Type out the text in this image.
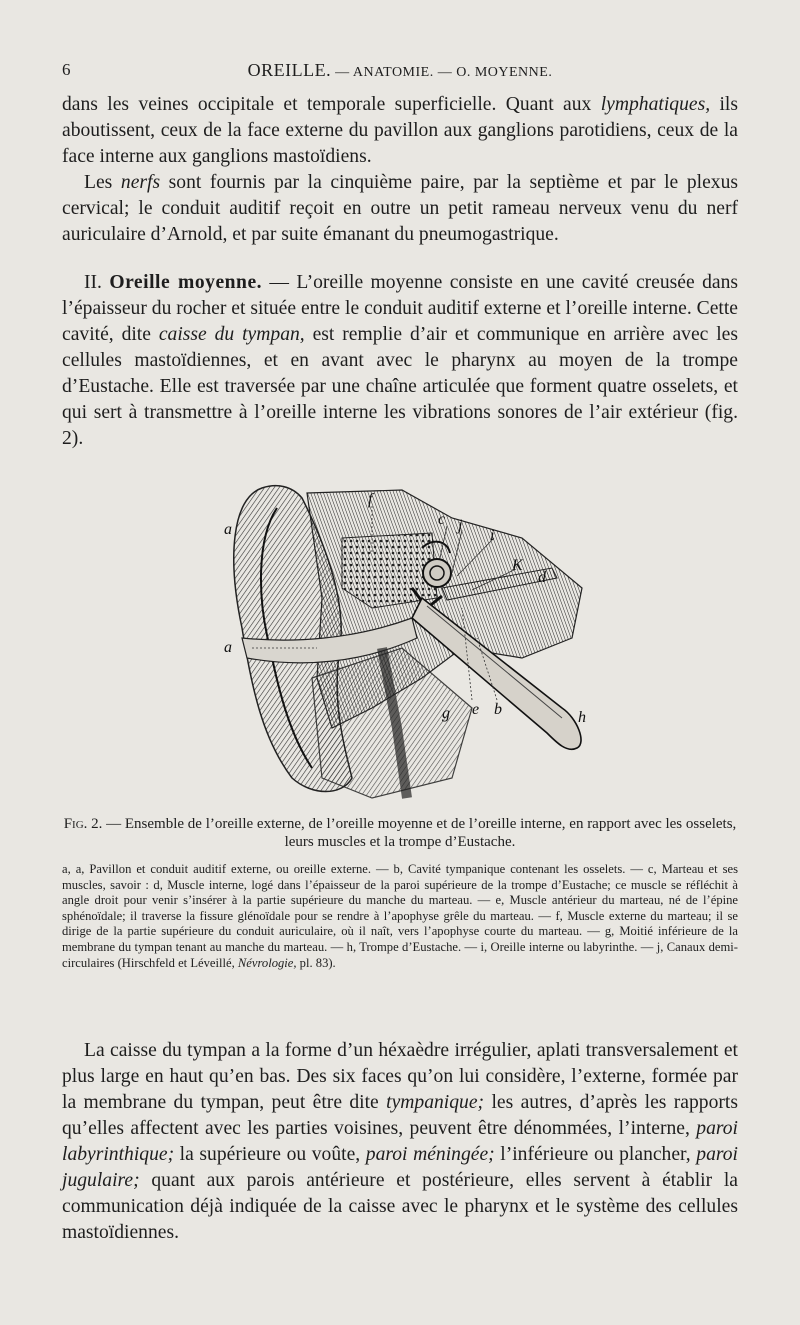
6	OREILLE. — ANATOMIE. — O. MOYENNE.

dans les veines occipitale et temporale superficielle. Quant aux lymphatiques, ils aboutissent, ceux de la face externe du pavillon aux ganglions parotidiens, ceux de la face interne aux ganglions mastoïdiens.

Les nerfs sont fournis par la cinquième paire, par la septième et par le plexus cervical; le conduit auditif reçoit en outre un petit rameau nerveux venu du nerf auriculaire d’Arnold, et par suite émanant du pneumogastrique.

II. Oreille moyenne. — L’oreille moyenne consiste en une cavité creusée dans l’épaisseur du rocher et située entre le conduit auditif externe et l’oreille interne. Cette cavité, dite caisse du tympan, est remplie d’air et communique en arrière avec les cellules mastoïdiennes, et en avant avec le pharynx au moyen de la trompe d’Eustache. Elle est traversée par une chaîne articulée que forment quatre osselets, et qui sert à transmettre à l’oreille interne les vibrations sonores de l’air extérieur (fig. 2).

a
a
f
c j
i
K
d
g e b	h
Fig. 2. — Ensemble de l’oreille externe, de l’oreille moyenne et de l’oreille interne, en rapport avec les osselets, leurs muscles et la trompe d’Eustache.
a, a, Pavillon et conduit auditif externe, ou oreille externe. — b, Cavité tympanique contenant les osselets. — c, Marteau et ses muscles, savoir : d, Muscle interne, logé dans l’épaisseur de la paroi supérieure de la trompe d’Eustache; ce muscle se réfléchit à angle droit pour venir s’insérer à la partie supérieure du manche du marteau. — e, Muscle antérieur du marteau, né de l’épine sphénoïdale; il traverse la fissure glénoïdale pour se rendre à l’apophyse grêle du marteau. — f, Muscle externe du marteau; il se dirige de la partie supérieure du conduit auriculaire, où il naît, vers l’apophyse courte du marteau. — g, Moitié inférieure de la membrane du tympan tenant au manche du marteau. — h, Trompe d’Eustache. — i, Oreille interne ou labyrinthe. — j, Canaux demi-circulaires (Hirschfeld et Léveillé, Névrologie, pl. 83).

La caisse du tympan a la forme d’un héxaèdre irrégulier, aplati transversalement et plus large en haut qu’en bas. Des six faces qu’on lui considère, l’externe, formée par la membrane du tympan, peut être dite tympanique; les autres, d’après les rapports qu’elles affectent avec les parties voisines, peuvent être dénommées, l’interne, paroi labyrinthique; la supérieure ou voûte, paroi méningée; l’inférieure ou plancher, paroi jugulaire; quant aux parois antérieure et postérieure, elles servent à établir la communication déjà indiquée de la caisse avec le pharynx et le système des cellules mastoïdiennes.
